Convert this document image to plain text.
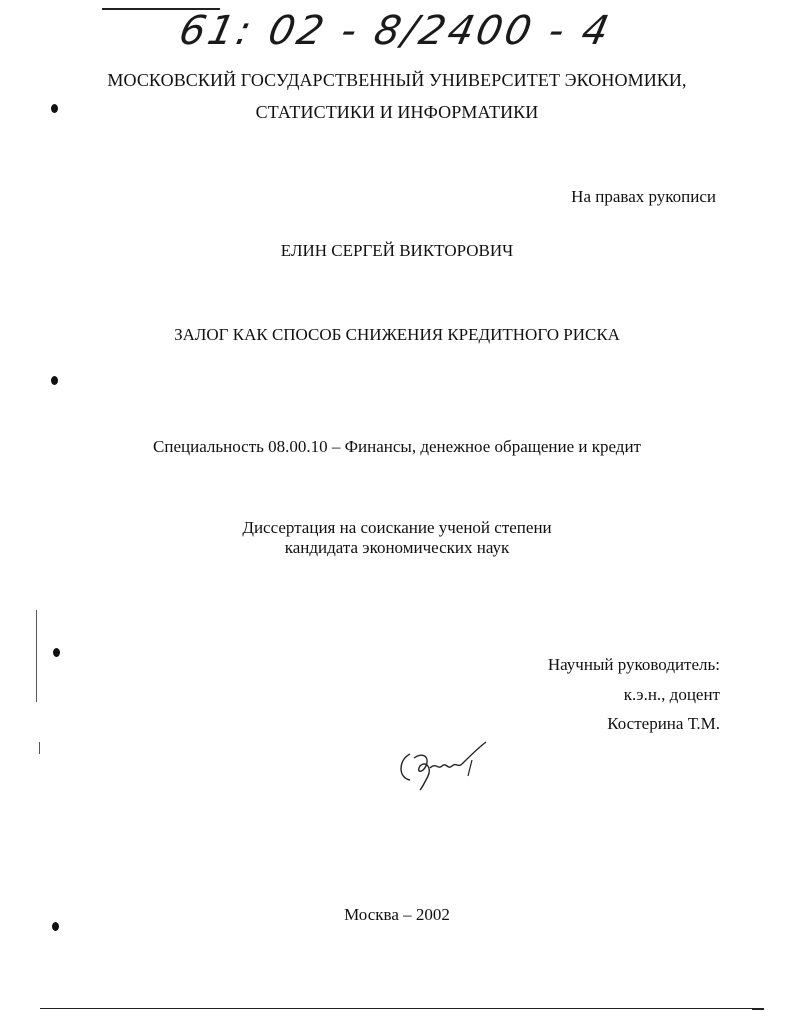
61: 02 - 8/2400 - 4
МОСКОВСКИЙ ГОСУДАРСТВЕННЫЙ УНИВЕРСИТЕТ ЭКОНОМИКИ,
СТАТИСТИКИ И ИНФОРМАТИКИ
На правах рукописи
ЕЛИН СЕРГЕЙ ВИКТОРОВИЧ
ЗАЛОГ КАК СПОСОБ СНИЖЕНИЯ КРЕДИТНОГО РИСКА
Специальность 08.00.10 – Финансы, денежное обращение и кредит
Диссертация на соискание ученой степени
кандидата экономических наук
Научный руководитель:
к.э.н., доцент
Костерина Т.М.
Москва – 2002
